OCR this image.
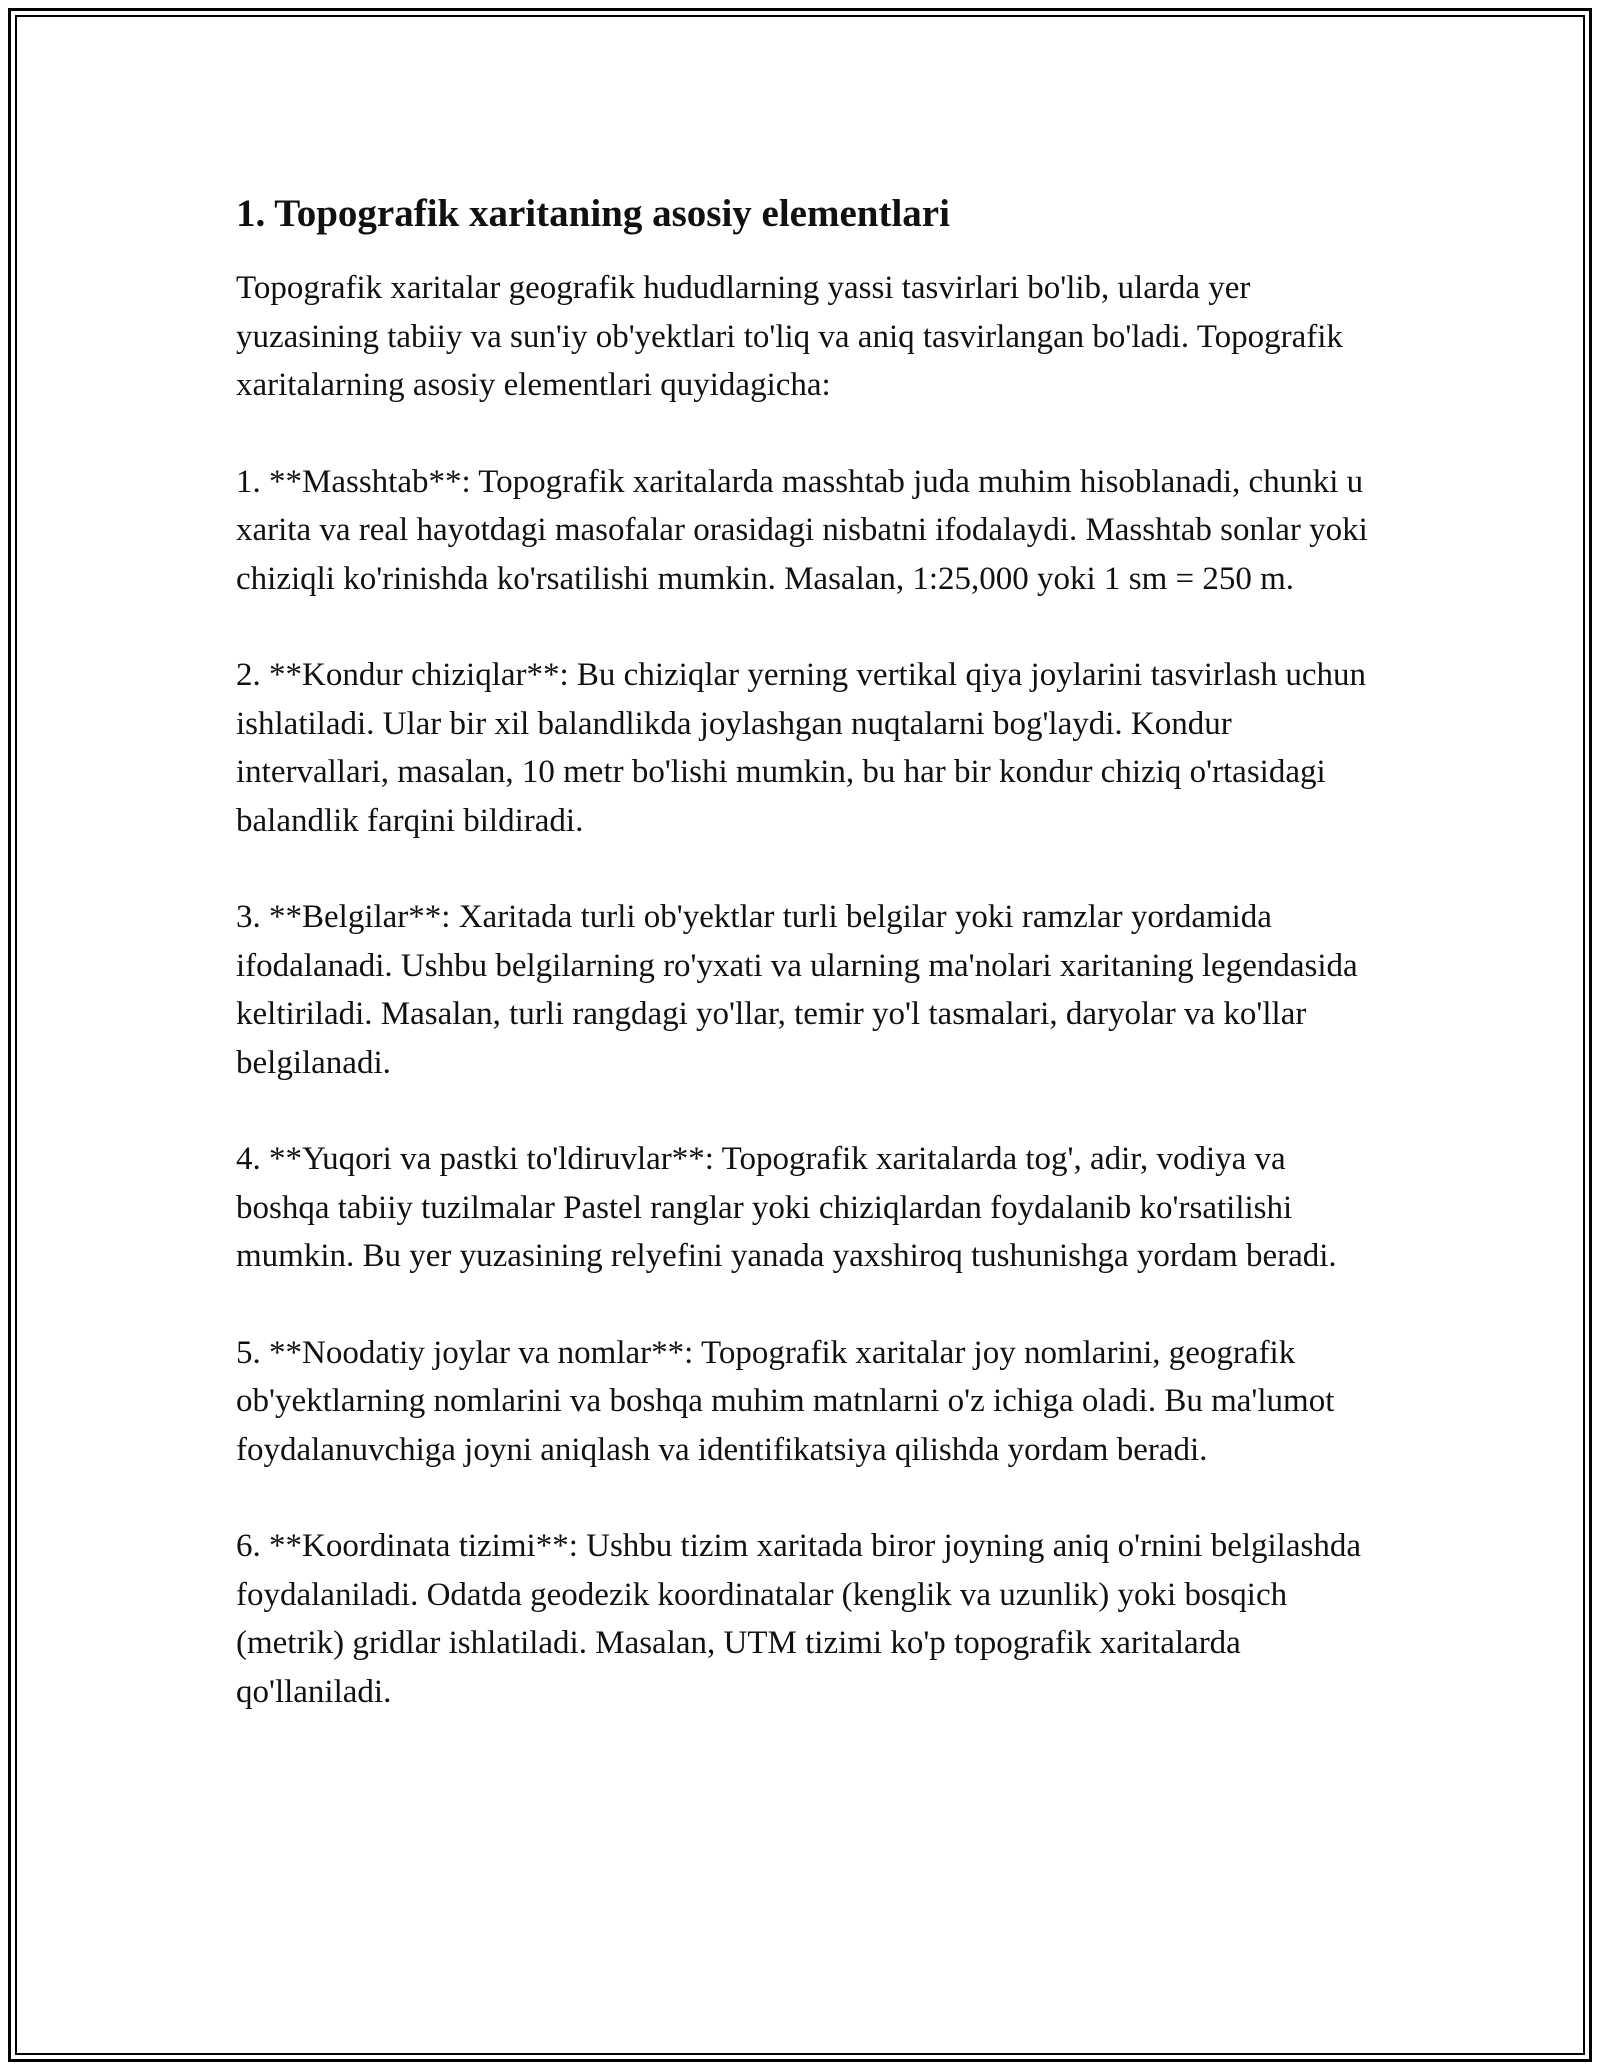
1. Topografik xaritaning asosiy elementlari

Topografik xaritalar geografik hududlarning yassi tasvirlari bo'lib, ularda yer yuzasining tabiiy va sun'iy ob'yektlari to'liq va aniq tasvirlangan bo'ladi. Topografik xaritalarning asosiy elementlari quyidagicha:

1. **Masshtab**: Topografik xaritalarda masshtab juda muhim hisoblanadi, chunki u xarita va real hayotdagi masofalar orasidagi nisbatni ifodalaydi. Masshtab sonlar yoki chiziqli ko'rinishda ko'rsatilishi mumkin. Masalan, 1:25,000 yoki 1 sm = 250 m.

2. **Kondur chiziqlar**: Bu chiziqlar yerning vertikal qiya joylarini tasvirlash uchun ishlatiladi. Ular bir xil balandlikda joylashgan nuqtalarni bog'laydi. Kondur intervallari, masalan, 10 metr bo'lishi mumkin, bu har bir kondur chiziq o'rtasidagi balandlik farqini bildiradi.

3. **Belgilar**: Xaritada turli ob'yektlar turli belgilar yoki ramzlar yordamida ifodalanadi. Ushbu belgilarning ro'yxati va ularning ma'nolari xaritaning legendasida keltiriladi. Masalan, turli rangdagi yo'llar, temir yo'l tasmalari, daryolar va ko'llar belgilanadi.

4. **Yuqori va pastki to'ldiruvlar**: Topografik xaritalarda tog', adir, vodiya va boshqa tabiiy tuzilmalar Pastel ranglar yoki chiziqlardan foydalanib ko'rsatilishi mumkin. Bu yer yuzasining relyefini yanada yaxshiroq tushunishga yordam beradi.

5. **Noodatiy joylar va nomlar**: Topografik xaritalar joy nomlarini, geografik ob'yektlarning nomlarini va boshqa muhim matnlarni o'z ichiga oladi. Bu ma'lumot foydalanuvchiga joyni aniqlash va identifikatsiya qilishda yordam beradi.

6. **Koordinata tizimi**: Ushbu tizim xaritada biror joyning aniq o'rnini belgilashda foydalaniladi. Odatda geodezik koordinatalar (kenglik va uzunlik) yoki bosqich (metrik) gridlar ishlatiladi. Masalan, UTM tizimi ko'p topografik xaritalarda qo'llaniladi.
